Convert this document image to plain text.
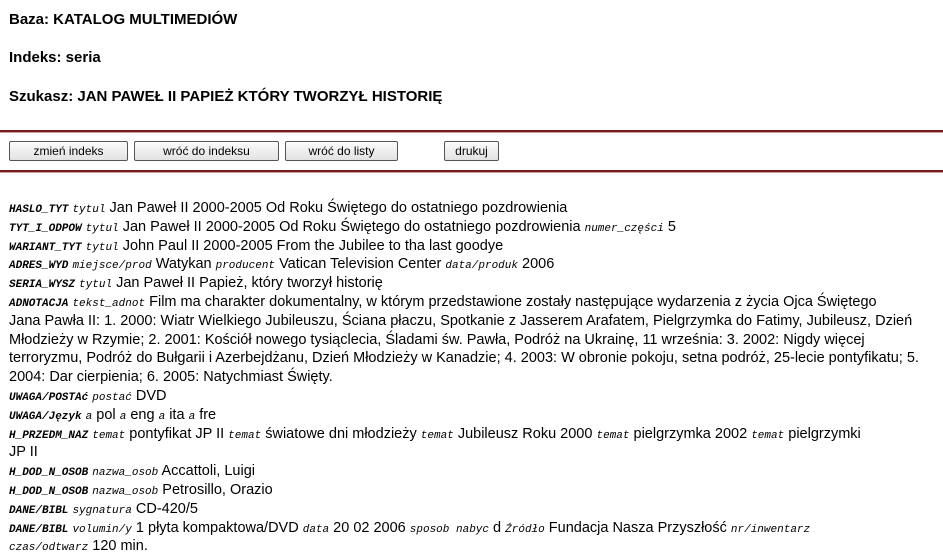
Baza: KATALOG MULTIMEDIÓW
Indeks: seria
Szukasz: JAN PAWEŁ II PAPIEŻ KTÓRY TWORZYŁ HISTORIĘ
zmień indeks	wróć do indeksu	wróć do listy	drukuj
HASLO_TYT tytul Jan Paweł II 2000-2005 Od Roku Świętego do ostatniego pozdrowienia
TYT_I_ODPOW tytul Jan Paweł II 2000-2005 Od Roku Świętego do ostatniego pozdrowienia numer_części 5
WARIANT_TYT tytul John Paul II 2000-2005 From the Jubilee to tha last goodye
ADRES_WYD miejsce/prod Watykan producent Vatican Television Center data/produk 2006
SERIA_WYSZ tytul Jan Paweł II Papież, który tworzył historię
ADNOTACJA tekst_adnot Film ma charakter dokumentalny, w którym przedstawione zostały następujące wydarzenia z życia Ojca Świętego
Jana Pawła II: 1. 2000: Wiatr Wielkiego Jubileuszu, Ściana płaczu, Spotkanie z Jasserem Arafatem, Pielgrzymka do Fatimy, Jubileusz, Dzień
Młodzieży w Rzymie; 2. 2001: Kościół nowego tysiąclecia, Śladami św. Pawła, Podróż na Ukrainę, 11 września: 3. 2002: Nigdy więcej
terroryzmu, Podróż do Bułgarii i Azerbejdżanu, Dzień Młodzieży w Kanadzie; 4. 2003: W obronie pokoju, setna podróż, 25-lecie pontyfikatu; 5.
2004: Dar cierpienia; 6. 2005: Natychmiast Święty.
UWAGA/POSTAć postać DVD
UWAGA/Język a pol a eng a ita a fre
H_PRZEDM_NAZ temat pontyfikat JP II temat światowe dni młodzieży temat Jubileusz Roku 2000 temat pielgrzymka 2002 temat pielgrzymki
JP II
H_DOD_N_OSOB nazwa_osob Accattoli, Luigi
H_DOD_N_OSOB nazwa_osob Petrosillo, Orazio
DANE/BIBL sygnatura CD-420/5
DANE/BIBL volumin/y 1 płyta kompaktowa/DVD data 20 02 2006 sposob nabyc d Źródło Fundacja Nasza Przyszłość nr/inwentarz
czas/odtwarz 120 min.
